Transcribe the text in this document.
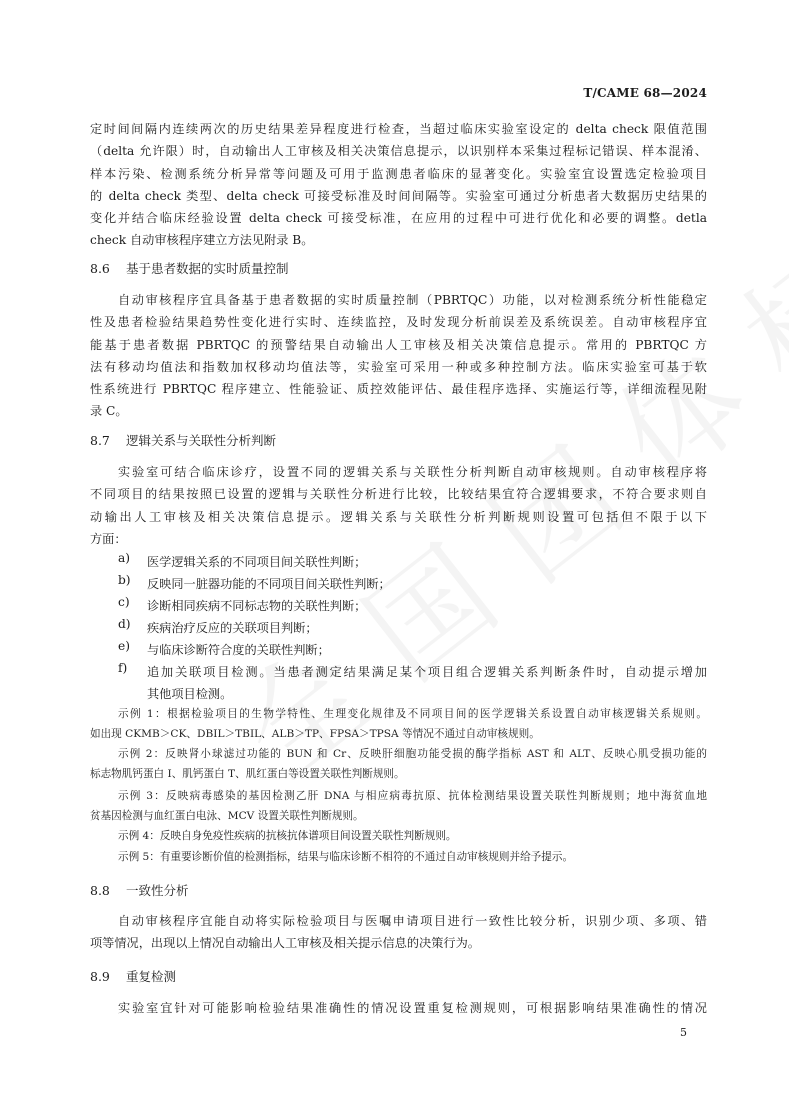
T/CAME 68—2024
定时间间隔内连续两次的历史结果差异程度进行检查，当超过临床实验室设定的 delta check 限值范围
（delta 允许限）时，自动输出人工审核及相关决策信息提示，以识别样本采集过程标记错误、样本混淆、
样本污染、检测系统分析异常等问题及可用于监测患者临床的显著变化。实验室宜设置选定检验项目
的 delta check 类型、delta check 可接受标准及时间间隔等。实验室可通过分析患者大数据历史结果的
变化并结合临床经验设置 delta check 可接受标准，在应用的过程中可进行优化和必要的调整。detla
check 自动审核程序建立方法见附录 B。
8.6 基于患者数据的实时质量控制
自动审核程序宜具备基于患者数据的实时质量控制（PBRTQC）功能，以对检测系统分析性能稳定
性及患者检验结果趋势性变化进行实时、连续监控，及时发现分析前误差及系统误差。自动审核程序宜
能基于患者数据 PBRTQC 的预警结果自动输出人工审核及相关决策信息提示。常用的 PBRTQC 方
法有移动均值法和指数加权移动均值法等，实验室可采用一种或多种控制方法。临床实验室可基于软
性系统进行 PBRTQC 程序建立、性能验证、质控效能评估、最佳程序选择、实施运行等，详细流程见附
录 C。
8.7 逻辑关系与关联性分析判断
实验室可结合临床诊疗，设置不同的逻辑关系与关联性分析判断自动审核规则。自动审核程序将
不同项目的结果按照已设置的逻辑与关联性分析进行比较，比较结果宜符合逻辑要求，不符合要求则自
动输出人工审核及相关决策信息提示。逻辑关系与关联性分析判断规则设置可包括但不限于以下
方面：
a)	医学逻辑关系的不同项目间关联性判断；
b)	反映同一脏器功能的不同项目间关联性判断；
c)	诊断相同疾病不同标志物的关联性判断；
d)	疾病治疗反应的关联项目判断；
e)	与临床诊断符合度的关联性判断；
f)	追加关联项目检测。当患者测定结果满足某个项目组合逻辑关系判断条件时，自动提示增加
其他项目检测。
示例 1：根据检验项目的生物学特性、生理变化规律及不同项目间的医学逻辑关系设置自动审核逻辑关系规则。
如出现 CKMB＞CK、DBIL＞TBIL、ALB＞TP、FPSA＞TPSA 等情况不通过自动审核规则。
示例 2：反映肾小球滤过功能的 BUN 和 Cr、反映肝细胞功能受损的酶学指标 AST 和 ALT、反映心肌受损功能的
标志物肌钙蛋白 I、肌钙蛋白 T、肌红蛋白等设置关联性判断规则。
示例 3：反映病毒感染的基因检测乙肝 DNA 与相应病毒抗原、抗体检测结果设置关联性判断规则；地中海贫血地
贫基因检测与血红蛋白电泳、MCV 设置关联性判断规则。
示例 4：反映自身免疫性疾病的抗核抗体谱项目间设置关联性判断规则。
示例 5：有重要诊断价值的检测指标，结果与临床诊断不相符的不通过自动审核规则并给予提示。
8.8 一致性分析
自动审核程序宜能自动将实际检验项目与医嘱申请项目进行一致性比较分析，识别少项、多项、错
项等情况，出现以上情况自动输出人工审核及相关提示信息的决策行为。
8.9 重复检测
实验室宜针对可能影响检验结果准确性的情况设置重复检测规则，可根据影响结果准确性的情况
5
